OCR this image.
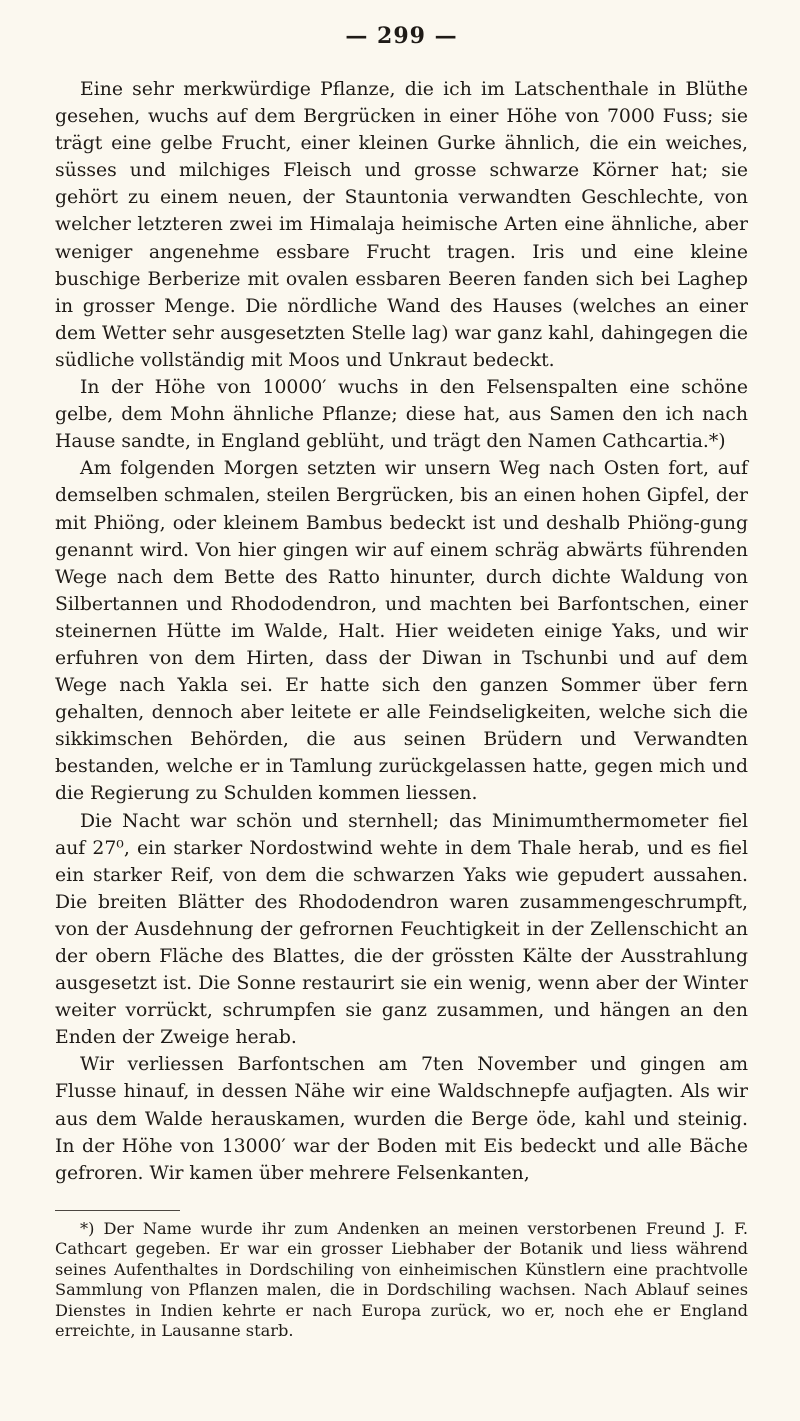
— 299 —

Eine sehr merkwürdige Pflanze, die ich im Latschenthale in Blüthe gesehen, wuchs auf dem Bergrücken in einer Höhe von 7000 Fuss; sie trägt eine gelbe Frucht, einer kleinen Gurke ähnlich, die ein weiches, süsses und milchiges Fleisch und grosse schwarze Körner hat; sie gehört zu einem neuen, der Stauntonia verwandten Geschlechte, von welcher letzteren zwei im Himalaja heimische Arten eine ähnliche, aber weniger angenehme essbare Frucht tragen. Iris und eine kleine buschige Berberize mit ovalen essbaren Beeren fanden sich bei Laghep in grosser Menge. Die nördliche Wand des Hauses (welches an einer dem Wetter sehr ausgesetzten Stelle lag) war ganz kahl, dahingegen die südliche vollständig mit Moos und Unkraut bedeckt.

In der Höhe von 10000′ wuchs in den Felsenspalten eine schöne gelbe, dem Mohn ähnliche Pflanze; diese hat, aus Samen den ich nach Hause sandte, in England geblüht, und trägt den Namen Cathcartia.*)

Am folgenden Morgen setzten wir unsern Weg nach Osten fort, auf demselben schmalen, steilen Bergrücken, bis an einen hohen Gipfel, der mit Phiöng, oder kleinem Bambus bedeckt ist und deshalb Phiöng-gung genannt wird. Von hier gingen wir auf einem schräg abwärts führenden Wege nach dem Bette des Ratto hinunter, durch dichte Waldung von Silbertannen und Rhododendron, und machten bei Barfontschen, einer steinernen Hütte im Walde, Halt. Hier weideten einige Yaks, und wir erfuhren von dem Hirten, dass der Diwan in Tschunbi und auf dem Wege nach Yakla sei. Er hatte sich den ganzen Sommer über fern gehalten, dennoch aber leitete er alle Feindseligkeiten, welche sich die sikkimschen Behörden, die aus seinen Brüdern und Verwandten bestanden, welche er in Tamlung zurückgelassen hatte, gegen mich und die Regierung zu Schulden kommen liessen.

Die Nacht war schön und sternhell; das Minimumthermometer fiel auf 27⁰, ein starker Nordostwind wehte in dem Thale herab, und es fiel ein starker Reif, von dem die schwarzen Yaks wie gepudert aussahen. Die breiten Blätter des Rhododendron waren zusammengeschrumpft, von der Ausdehnung der gefrornen Feuchtigkeit in der Zellenschicht an der obern Fläche des Blattes, die der grössten Kälte der Ausstrahlung ausgesetzt ist. Die Sonne restaurirt sie ein wenig, wenn aber der Winter weiter vorrückt, schrumpfen sie ganz zusammen, und hängen an den Enden der Zweige herab.

Wir verliessen Barfontschen am 7ten November und gingen am Flusse hinauf, in dessen Nähe wir eine Waldschnepfe aufjagten. Als wir aus dem Walde herauskamen, wurden die Berge öde, kahl und steinig. In der Höhe von 13000′ war der Boden mit Eis bedeckt und alle Bäche gefroren. Wir kamen über mehrere Felsenkanten,

*) Der Name wurde ihr zum Andenken an meinen verstorbenen Freund J. F. Cathcart gegeben. Er war ein grosser Liebhaber der Botanik und liess während seines Aufenthaltes in Dordschiling von einheimischen Künstlern eine prachtvolle Sammlung von Pflanzen malen, die in Dordschiling wachsen. Nach Ablauf seines Dienstes in Indien kehrte er nach Europa zurück, wo er, noch ehe er England erreichte, in Lausanne starb.
